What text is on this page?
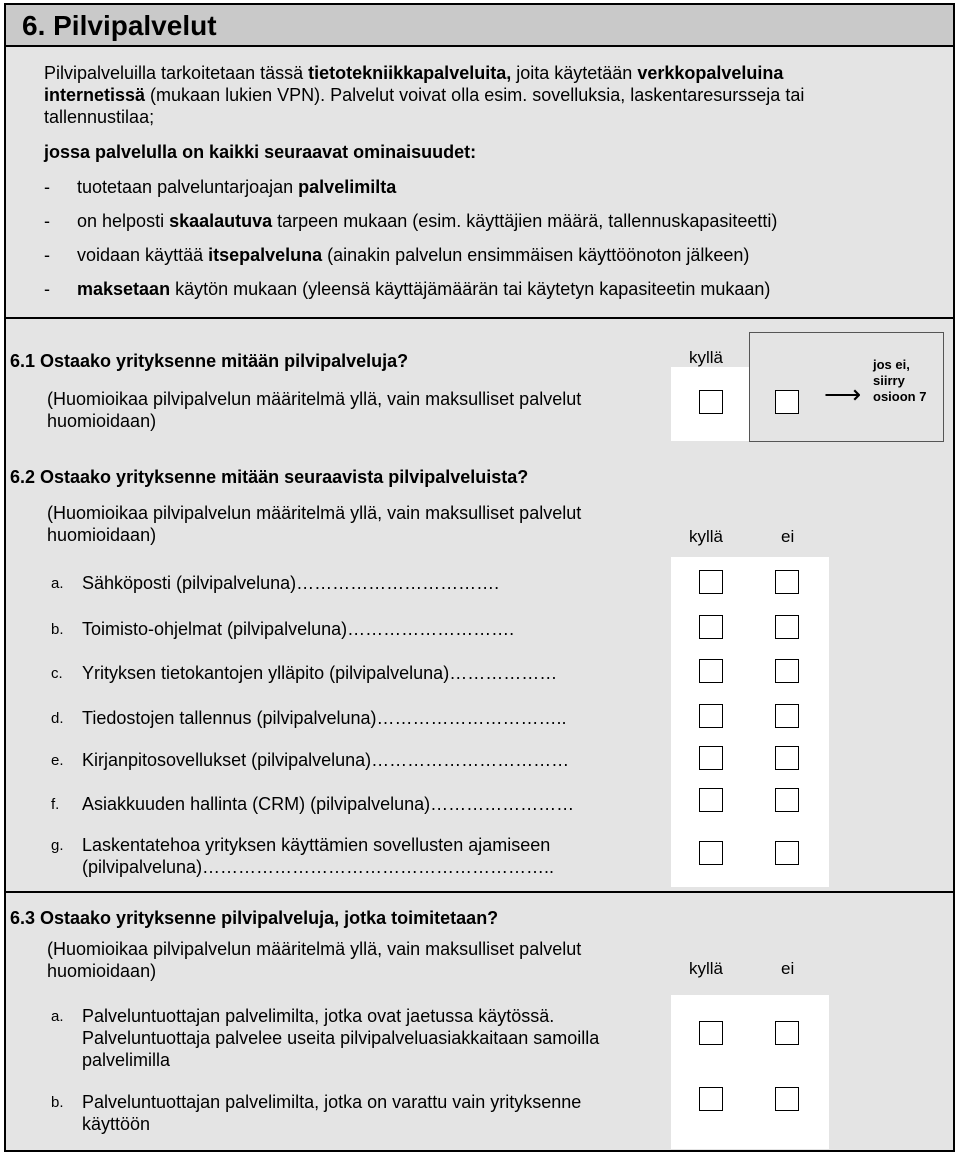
6. Pilvipalvelut
Pilvipalveluilla tarkoitetaan tässä tietotekniikkapalveluita, joita käytetään verkkopalveluina
internetissä (mukaan lukien VPN). Palvelut voivat olla esim. sovelluksia, laskentaresursseja tai
tallennustilaa;
jossa palvelulla on kaikki seuraavat ominaisuudet:
- tuotetaan palveluntarjoajan palvelimilta
- on helposti skaalautuva tarpeen mukaan (esim. käyttäjien määrä, tallennuskapasiteetti)
- voidaan käyttää itsepalveluna (ainakin palvelun ensimmäisen käyttöönoton jälkeen)
- maksetaan käytön mukaan (yleensä käyttäjämäärän tai käytetyn kapasiteetin mukaan)
6.1 Ostaako yrityksenne mitään pilvipalveluja?
(Huomioikaa pilvipalvelun määritelmä yllä, vain maksulliset palvelut
huomioidaan)
kyllä
⟶
jos ei,
siirry
osioon 7
6.2 Ostaako yrityksenne mitään seuraavista pilvipalveluista?
(Huomioikaa pilvipalvelun määritelmä yllä, vain maksulliset palvelut
huomioidaan)	kyllä	ei
a. Sähköposti (pilvipalveluna)…………………………….
b. Toimisto-ohjelmat (pilvipalveluna)……………………….
c. Yrityksen tietokantojen ylläpito (pilvipalveluna)………………
d. Tiedostojen tallennus (pilvipalveluna)…………………………..
e. Kirjanpitosovellukset (pilvipalveluna)……………………………
f. Asiakkuuden hallinta (CRM) (pilvipalveluna)……………………
g. Laskentatehoa yrityksen käyttämien sovellusten ajamiseen
(pilvipalveluna)…………………………………………………..
6.3 Ostaako yrityksenne pilvipalveluja, jotka toimitetaan?
(Huomioikaa pilvipalvelun määritelmä yllä, vain maksulliset palvelut
huomioidaan)	kyllä	ei
a. Palveluntuottajan palvelimilta, jotka ovat jaetussa käytössä.
Palveluntuottaja palvelee useita pilvipalveluasiakkaitaan samoilla
palvelimilla
b. Palveluntuottajan palvelimilta, jotka on varattu vain yrityksenne
käyttöön
